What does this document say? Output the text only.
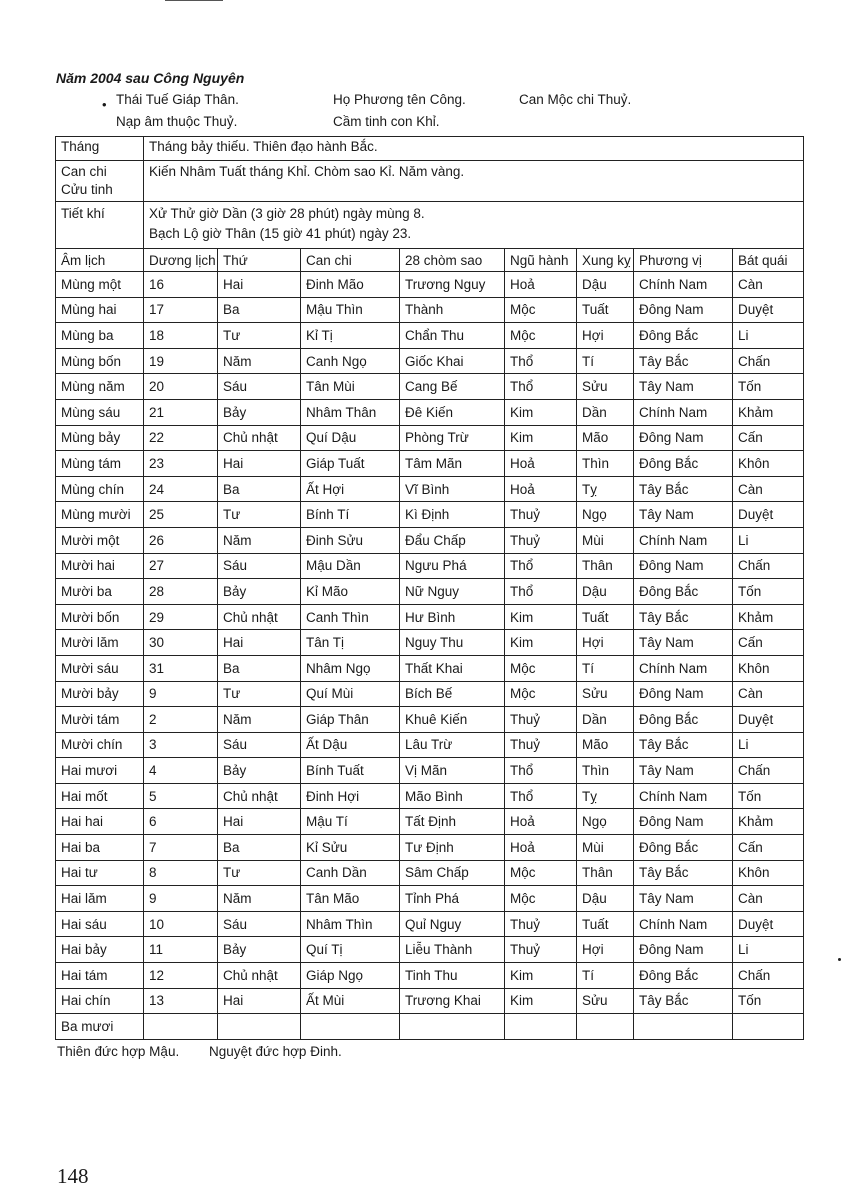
Năm 2004 sau Công Nguyên
• Thái Tuế Giáp Thân.	Họ Phương tên Công.	Can Mộc chi Thuỷ.
Nạp âm thuộc Thuỷ.	Cầm tinh con Khỉ.
Tháng	Tháng bảy thiếu. Thiên đạo hành Bắc.							

Can chi
Cửu tinh	Kiến Nhâm Tuất tháng Khỉ. Chòm sao Kỉ. Năm vàng.							
Tiết khí	Xử Thử giờ Dần (3 giờ 28 phút) ngày mùng 8.
Bạch Lộ giờ Thân (15 giờ 41 phút) ngày 23.							

Âm lịch	Dương lịch	Thứ	Can chi	28 chòm sao	Ngũ hành	Xung kỵ	Phương vị	Bát quái
Mùng một	16	Hai	Đinh Mão	Trương Nguy	Hoả	Dậu	Chính Nam	Càn
Mùng hai	17	Ba	Mậu Thìn	Thành	Mộc	Tuất	Đông Nam	Duyệt
Mùng ba	18	Tư	Kỉ Tị	Chẩn Thu	Mộc	Hợi	Đông Bắc	Li
Mùng bốn	19	Năm	Canh Ngọ	Giốc Khai	Thổ	Tí	Tây Bắc	Chấn
Mùng năm	20	Sáu	Tân Mùi	Cang Bế	Thổ	Sửu	Tây Nam	Tốn
Mùng sáu	21	Bảy	Nhâm Thân	Đê Kiến	Kim	Dần	Chính Nam	Khảm
Mùng bảy	22	Chủ nhật	Quí Dậu	Phòng Trừ	Kim	Mão	Đông Nam	Cấn
Mùng tám	23	Hai	Giáp Tuất	Tâm Mãn	Hoả	Thìn	Đông Bắc	Khôn
Mùng chín	24	Ba	Ất Hợi	Vĩ Bình	Hoả	Tỵ	Tây Bắc	Càn
Mùng mười	25	Tư	Bính Tí	Kì Định	Thuỷ	Ngọ	Tây Nam	Duyệt
Mười một	26	Năm	Đinh Sửu	Đẩu Chấp	Thuỷ	Mùi	Chính Nam	Li
Mười hai	27	Sáu	Mậu Dần	Ngưu Phá	Thổ	Thân	Đông Nam	Chấn
Mười ba	28	Bảy	Kỉ Mão	Nữ Nguy	Thổ	Dậu	Đông Bắc	Tốn
Mười bốn	29	Chủ nhật	Canh Thìn	Hư Bình	Kim	Tuất	Tây Bắc	Khảm
Mười lăm	30	Hai	Tân Tị	Nguy Thu	Kim	Hợi	Tây Nam	Cấn
Mười sáu	31	Ba	Nhâm Ngọ	Thất Khai	Mộc	Tí	Chính Nam	Khôn
Mười bảy	9	Tư	Quí Mùi	Bích Bế	Mộc	Sửu	Đông Nam	Càn
Mười tám	2	Năm	Giáp Thân	Khuê Kiến	Thuỷ	Dần	Đông Bắc	Duyệt
Mười chín	3	Sáu	Ất Dậu	Lâu Trừ	Thuỷ	Mão	Tây Bắc	Li
Hai mươi	4	Bảy	Bính Tuất	Vị Mãn	Thổ	Thìn	Tây Nam	Chấn
Hai mốt	5	Chủ nhật	Đinh Hợi	Mão Bình	Thổ	Tỵ	Chính Nam	Tốn
Hai hai	6	Hai	Mậu Tí	Tất Định	Hoả	Ngọ	Đông Nam	Khảm
Hai ba	7	Ba	Kỉ Sửu	Tư Định	Hoả	Mùi	Đông Bắc	Cấn
Hai tư	8	Tư	Canh Dần	Sâm Chấp	Mộc	Thân	Tây Bắc	Khôn
Hai lăm	9	Năm	Tân Mão	Tỉnh Phá	Mộc	Dậu	Tây Nam	Càn
Hai sáu	10	Sáu	Nhâm Thìn	Quỉ Nguy	Thuỷ	Tuất	Chính Nam	Duyệt
Hai bảy	11	Bảy	Quí Tị	Liễu Thành	Thuỷ	Hợi	Đông Nam	Li
Hai tám	12	Chủ nhật	Giáp Ngọ	Tinh Thu	Kim	Tí	Đông Bắc	Chấn
Hai chín	13	Hai	Ất Mùi	Trương Khai	Kim	Sửu	Tây Bắc	Tốn
Ba mươi								
Thiên đức hợp Mậu. Nguyệt đức hợp Đinh.
148
